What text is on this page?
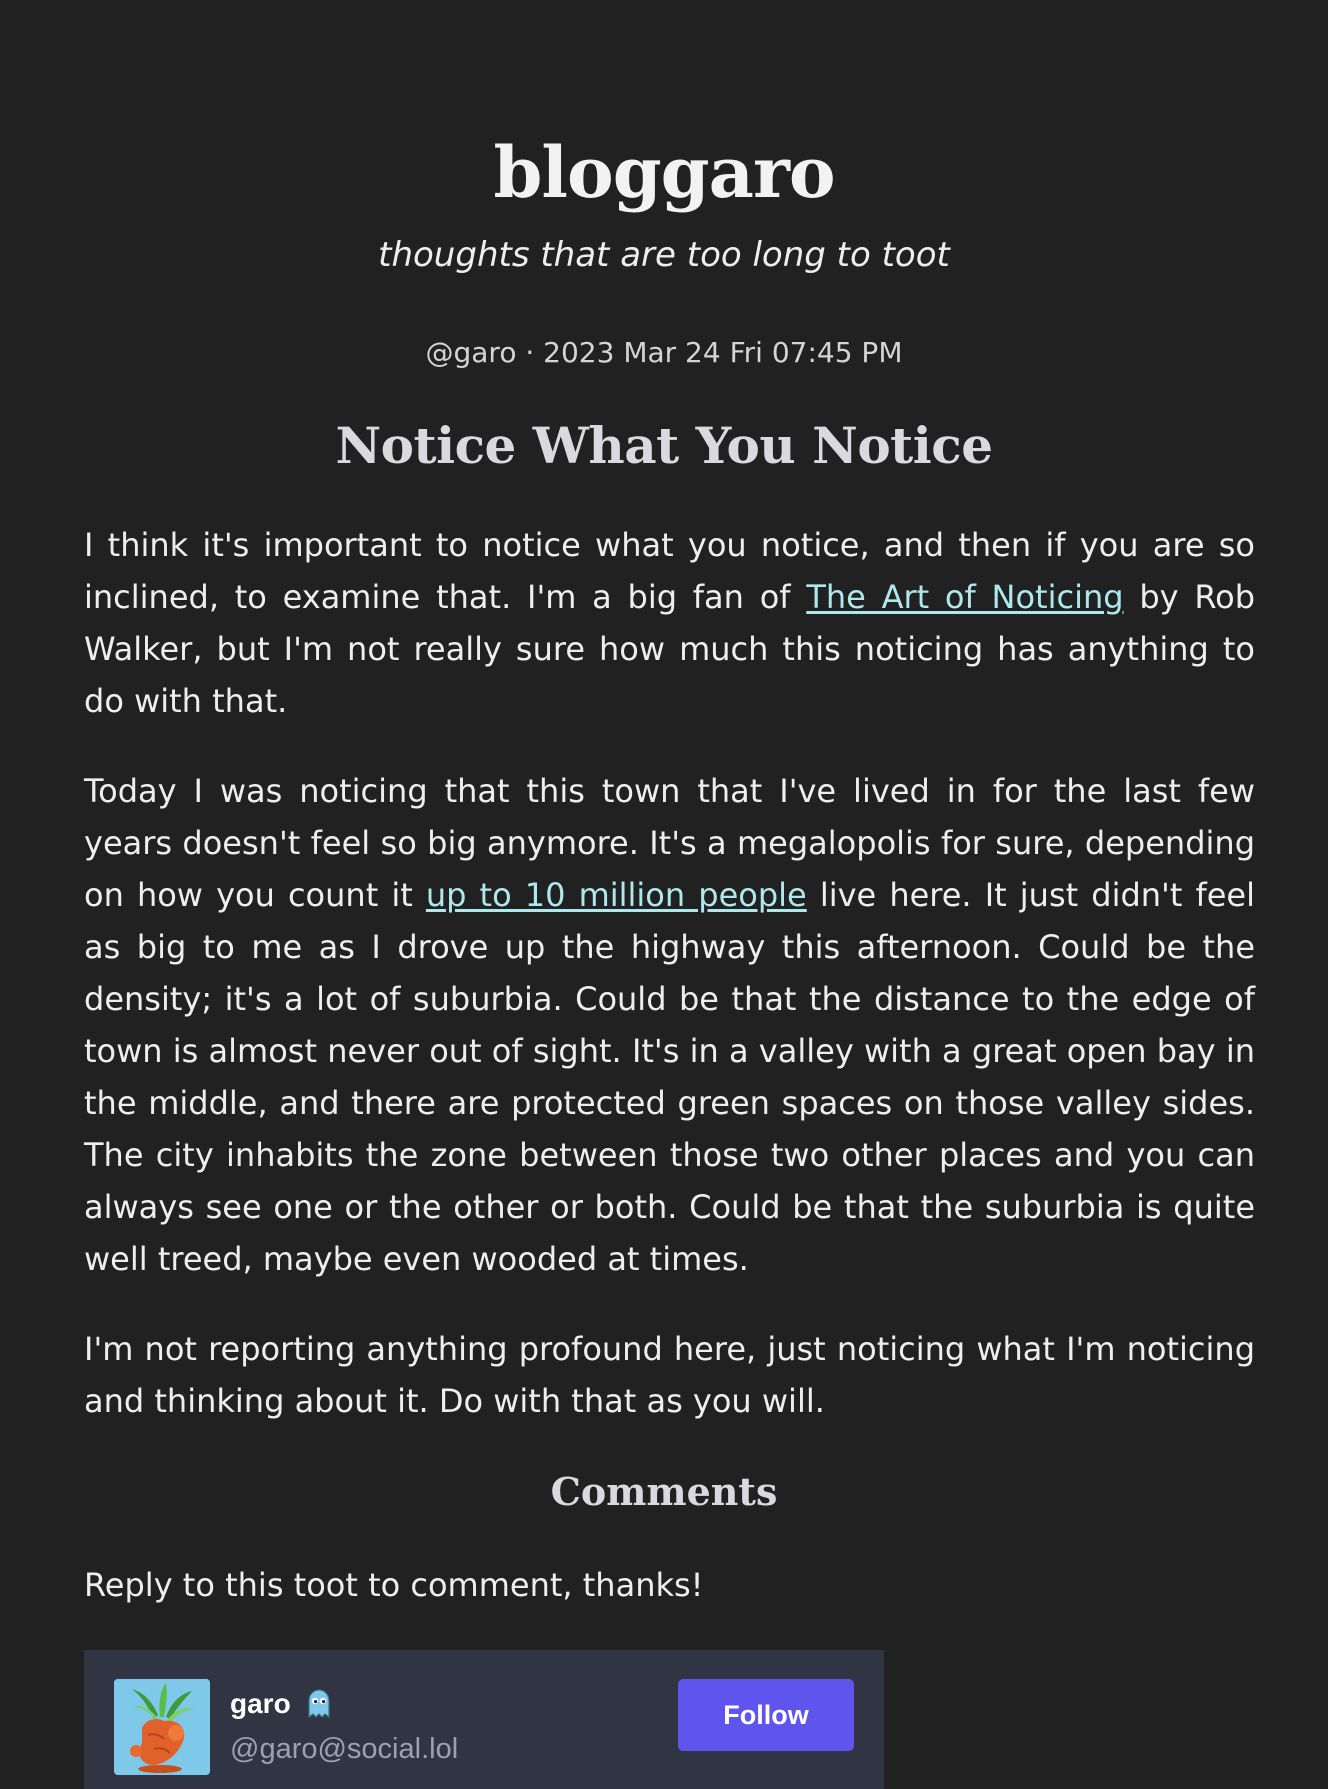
bloggaro
thoughts that are too long to toot
@garo · 2023 Mar 24 Fri 07:45 PM
Notice What You Notice

I think it's important to notice what you notice, and then if you are so inclined, to examine that. I'm a big fan of The Art of Noticing by Rob Walker, but I'm not really sure how much this noticing has anything to do with that.

Today I was noticing that this town that I've lived in for the last few years doesn't feel so big anymore. It's a megalopolis for sure, depending on how you count it up to 10 million people live here. It just didn't feel as big to me as I drove up the highway this afternoon. Could be the density; it's a lot of suburbia. Could be that the distance to the edge of town is almost never out of sight. It's in a valley with a great open bay in the middle, and there are protected green spaces on those valley sides. The city inhabits the zone between those two other places and you can always see one or the other or both. Could be that the suburbia is quite well treed, maybe even wooded at times.

I'm not reporting anything profound here, just noticing what I'm noticing and thinking about it. Do with that as you will.

Comments

Reply to this toot to comment, thanks!

garo
@garo@social.lol
Follow
